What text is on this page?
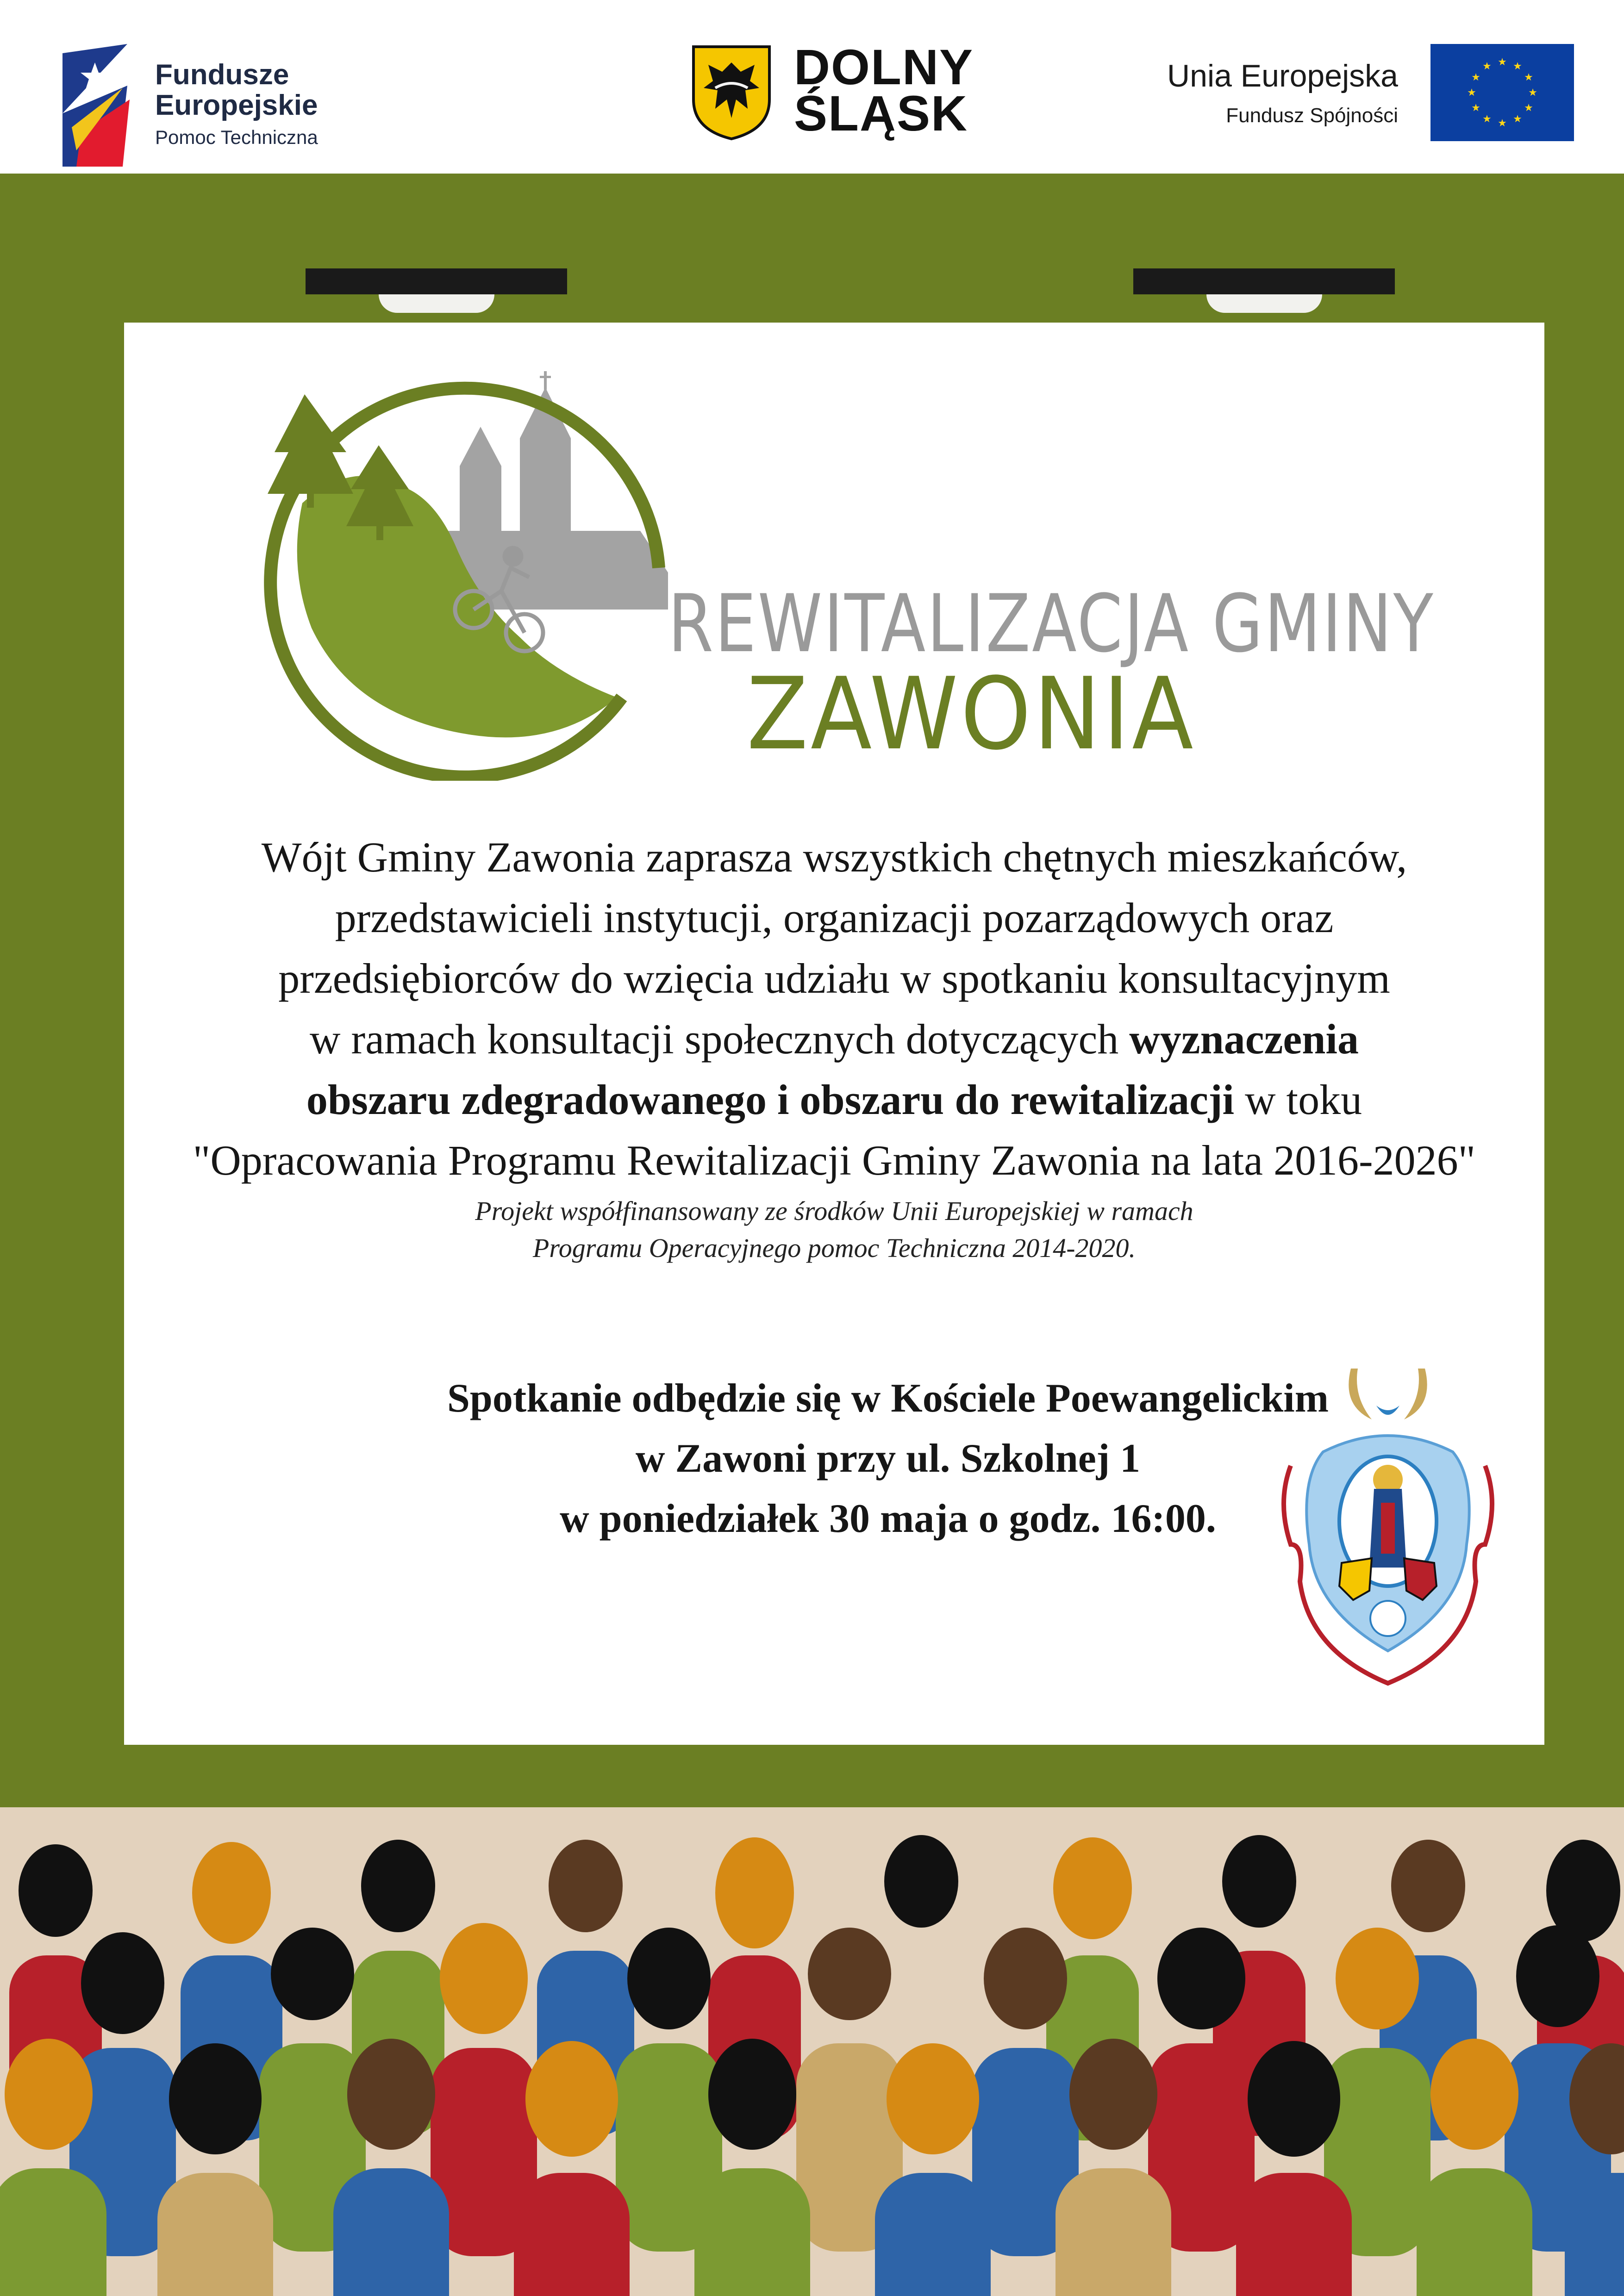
Fundusze
Europejskie
Pomoc Techniczna
DOLNY
ŚLĄSK
Unia Europejska
Fundusz Spójności
★ ★
★
★
★
★
★
★
★
★
★
★
REWITALIZACJA GMINY
ZAWONIA
Wójt Gminy Zawonia zaprasza wszystkich chętnych mieszkańców,
przedstawicieli instytucji, organizacji pozarządowych oraz
przedsiębiorców do wzięcia udziału w spotkaniu konsultacyjnym
w ramach konsultacji społecznych dotyczących wyznaczenia
obszaru zdegradowanego i obszaru do rewitalizacji w toku
"Opracowania Programu Rewitalizacji Gminy Zawonia na lata 2016-2026"
Projekt współfinansowany ze środków Unii Europejskiej w ramach
Programu Operacyjnego pomoc Techniczna 2014-2020.
Spotkanie odbędzie się w Kościele Poewangelickim
w Zawoni przy ul. Szkolnej 1
w poniedziałek 30 maja o godz. 16:00.
